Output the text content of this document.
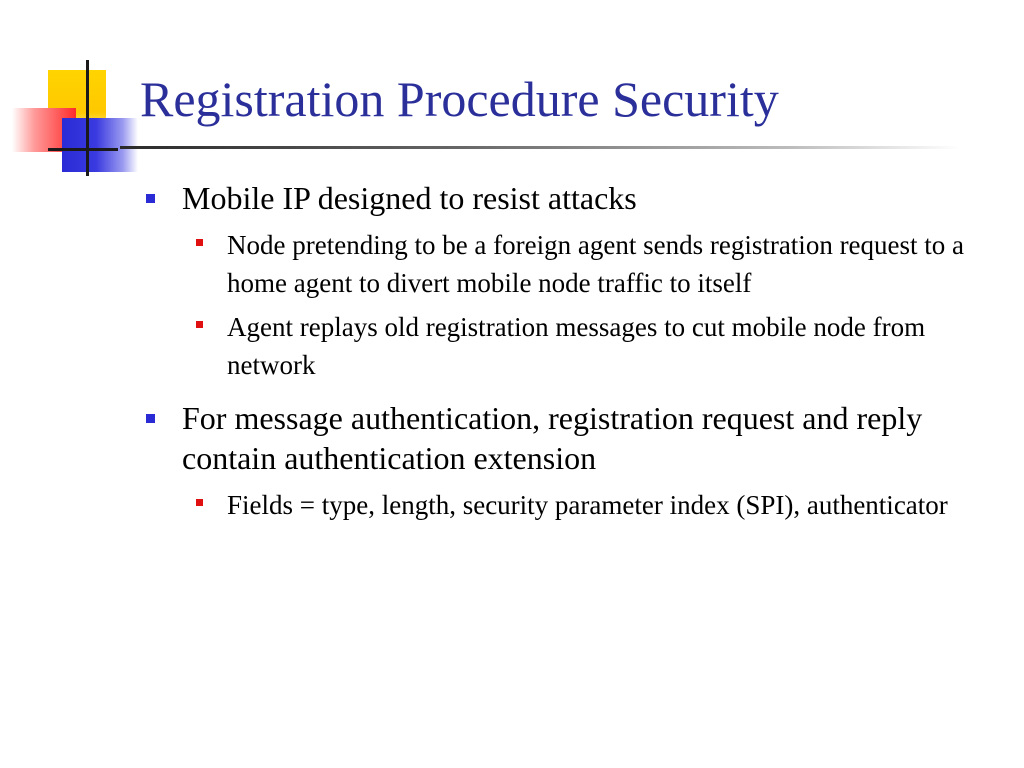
Registration Procedure Security
Mobile IP designed to resist attacks
Node pretending to be a foreign agent sends registration request to a home agent to divert mobile node traffic to itself
Agent replays old registration messages to cut mobile node from network
For message authentication, registration request and reply contain authentication extension
Fields = type, length, security parameter index (SPI), authenticator
